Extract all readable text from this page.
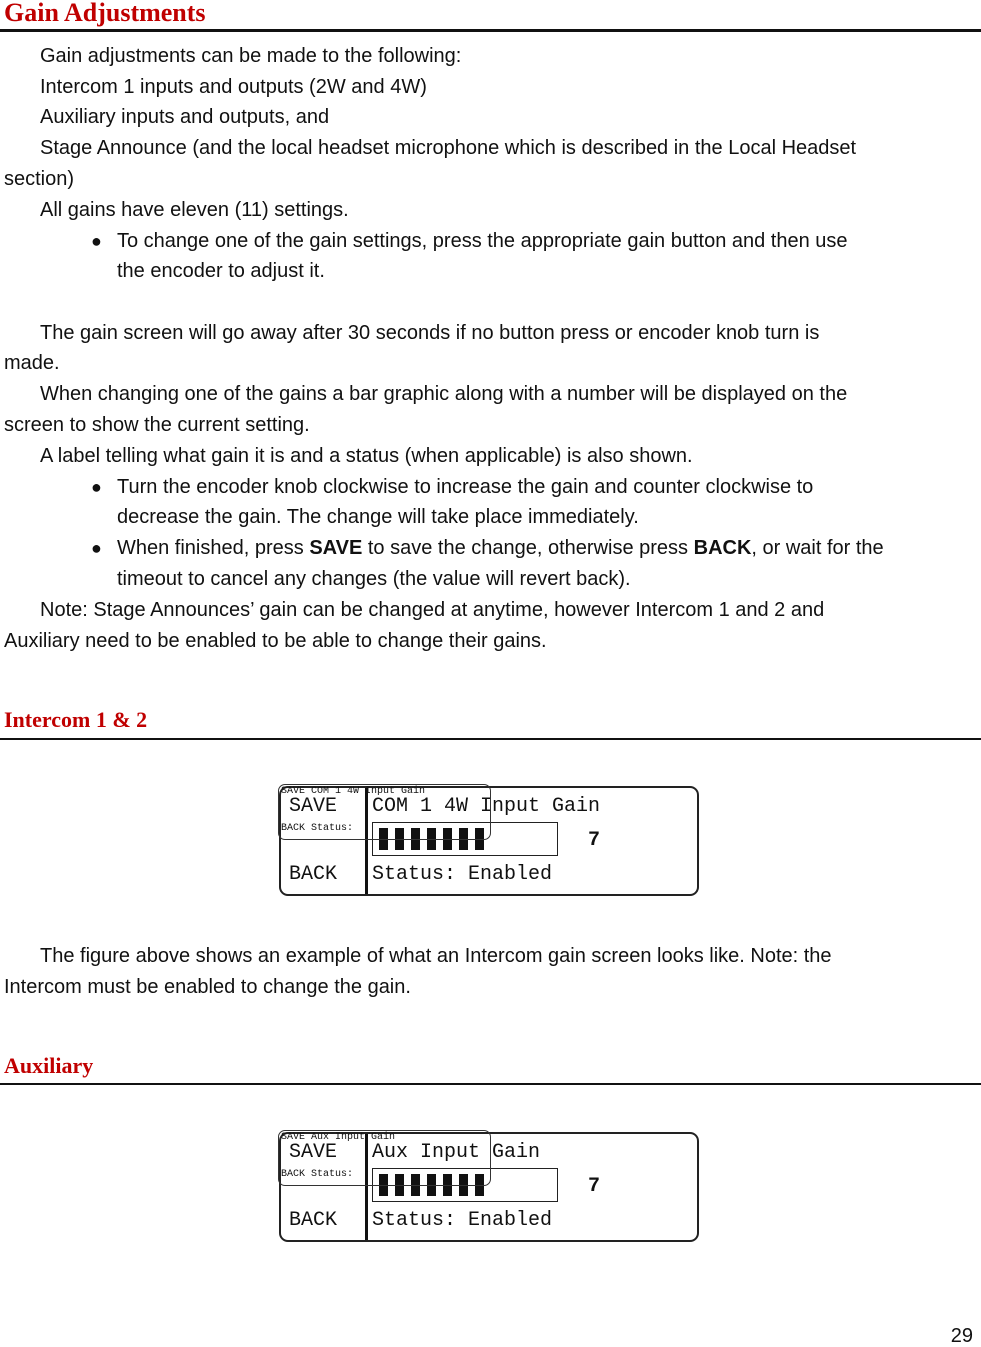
Gain Adjustments

Gain adjustments can be made to the following:

Intercom 1 inputs and outputs (2W and 4W)

Auxiliary inputs and outputs, and

Stage Announce (and the local headset microphone which is described in the Local Headset

section)

All gains have eleven (11) settings.

● To change one of the gain settings, press the appropriate gain button and then use

the encoder to adjust it.

The gain screen will go away after 30 seconds if no button press or encoder knob turn is

made.

When changing one of the gains a bar graphic along with a number will be displayed on the

screen to show the current setting.

A label telling what gain it is and a status (when applicable) is also shown.

● Turn the encoder knob clockwise to increase the gain and counter clockwise to

decrease the gain. The change will take place immediately.

● When finished, press SAVE to save the change, otherwise press BACK, or wait for the

timeout to cancel any changes (the value will revert back).

Note: Stage Announces’ gain can be changed at anytime, however Intercom 1 and 2 and

Auxiliary need to be enabled to be able to change their gains.

Intercom 1 & 2
SAVE COM 1 4W Input Gain
7
BACK Status: Enabled
SAVE COM 1 4W Input Gain
BACK Status:

The figure above shows an example of what an Intercom gain screen looks like. Note: the

Intercom must be enabled to change the gain.

Auxiliary
SAVE Aux Input Gain
7
BACK Status: Enabled
SAVE Aux Input Gain
BACK Status:
29
